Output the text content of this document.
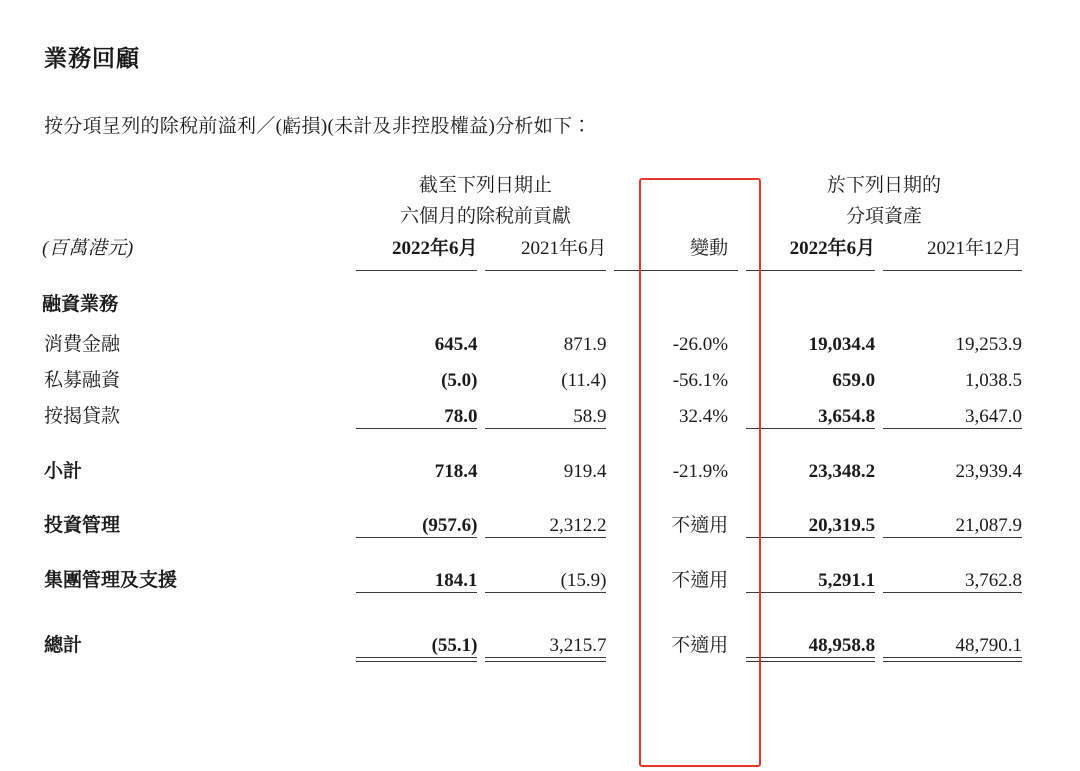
業務回顧
按分項呈列的除稅前溢利／(虧損)(未計及非控股權益)分析如下：
	截至下列日期止			於下列日期的	
	六個月的除稅前貢獻			分項資產	
(百萬港元)	2022年6月	2021年6月	變動	2022年6月	2021年12月

融資業務					
消費金融	645.4	871.9	-26.0%	19,034.4	19,253.9
私募融資	(5.0)	(11.4)	-56.1%	659.0	1,038.5
按揭貸款	78.0	58.9	32.4%	3,654.8	3,647.0

小計	718.4	919.4	-21.9%	23,348.2	23,939.4

投資管理	(957.6)	2,312.2	不適用	20,319.5	21,087.9

集團管理及支援	184.1	(15.9)	不適用	5,291.1	3,762.8

總計	(55.1)	3,215.7	不適用	48,958.8	48,790.1
